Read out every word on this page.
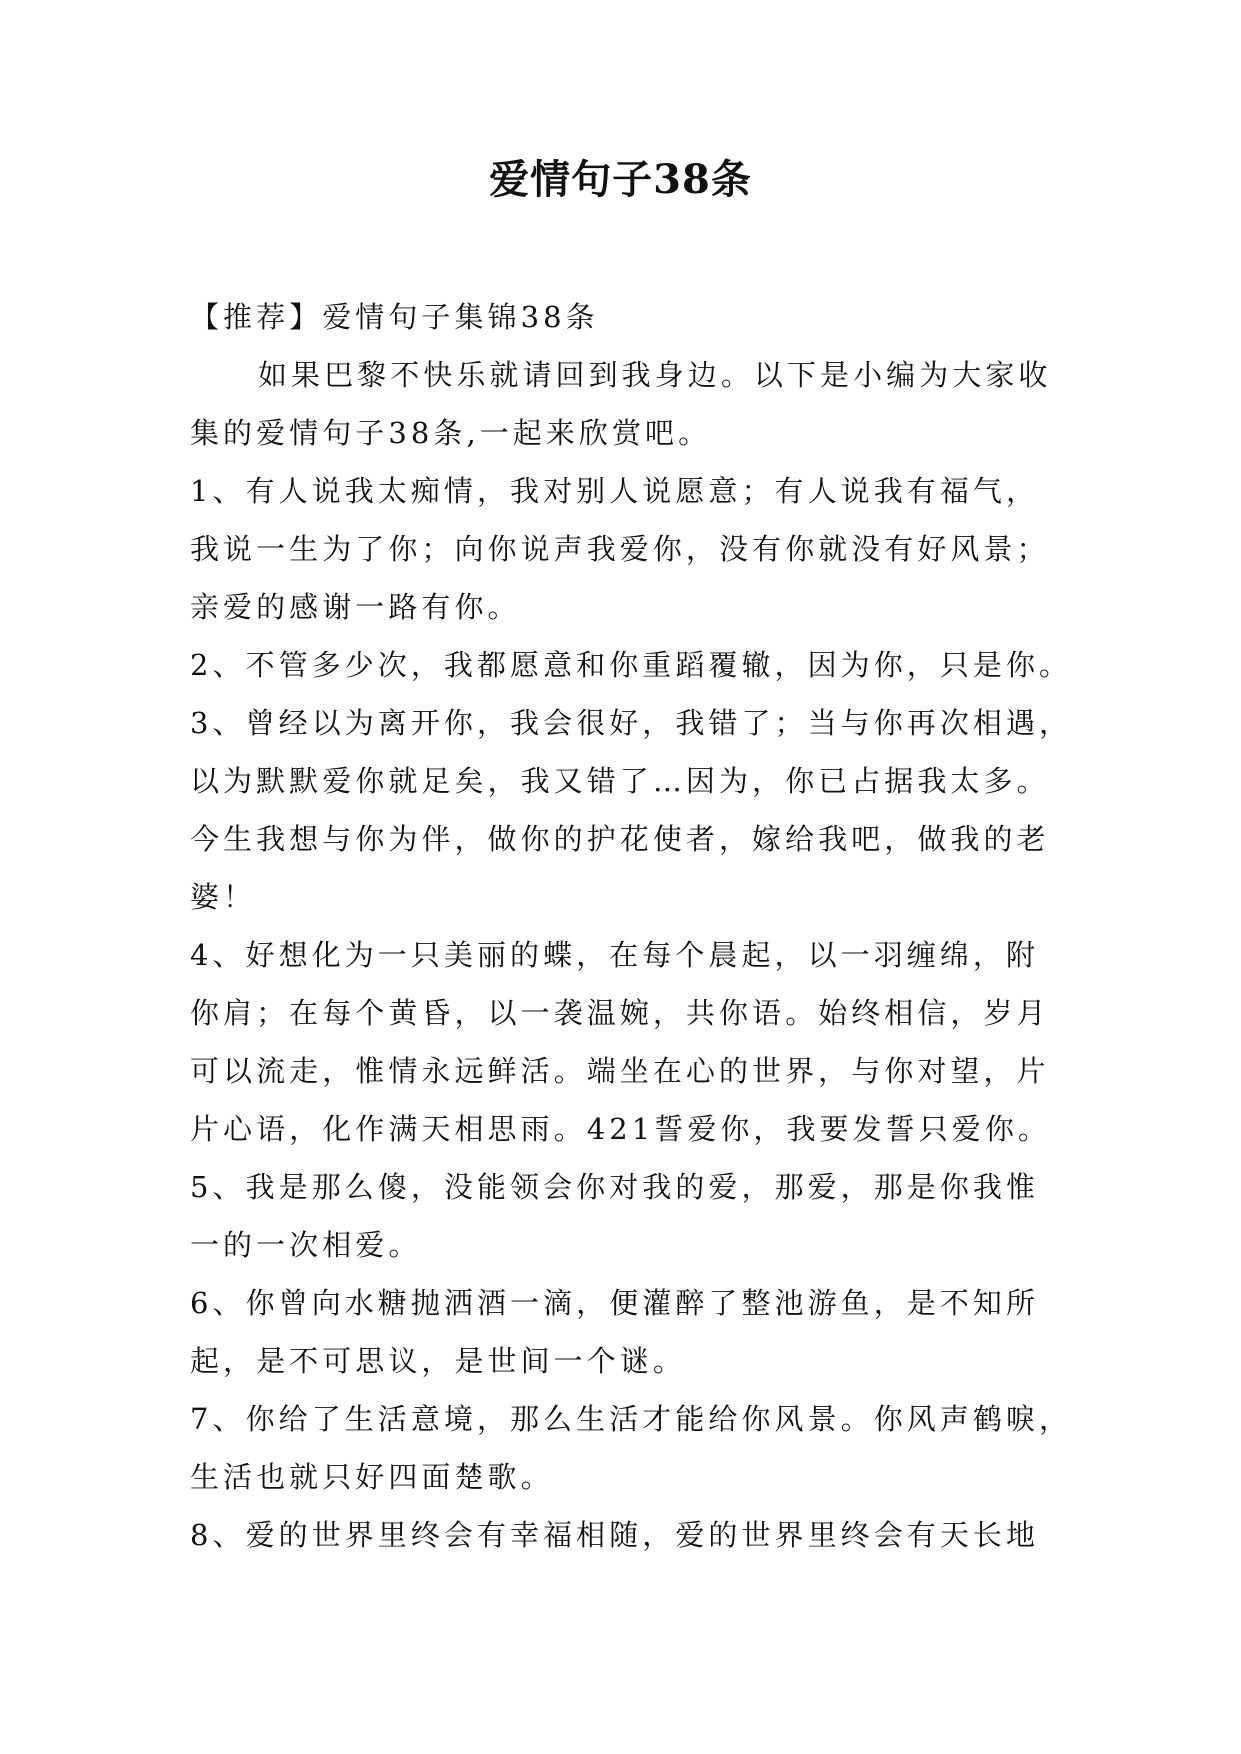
爱情句子38条
【推荐】爱情句子集锦38条
如果巴黎不快乐就请回到我身边。以下是小编为大家收
集的爱情句子38条,一起来欣赏吧。
1、有人说我太痴情，我对别人说愿意；有人说我有福气，
我说一生为了你；向你说声我爱你，没有你就没有好风景；
亲爱的感谢一路有你。
2、不管多少次，我都愿意和你重蹈覆辙，因为你，只是你。
3、曾经以为离开你，我会很好，我错了；当与你再次相遇，
以为默默爱你就足矣，我又错了…因为，你已占据我太多。
今生我想与你为伴，做你的护花使者，嫁给我吧，做我的老
婆！
4、好想化为一只美丽的蝶，在每个晨起，以一羽缠绵，附
你肩；在每个黄昏，以一袭温婉，共你语。始终相信，岁月
可以流走，惟情永远鲜活。端坐在心的世界，与你对望，片
片心语，化作满天相思雨。421誓爱你，我要发誓只爱你。
5、我是那么傻，没能领会你对我的爱，那爱，那是你我惟
一的一次相爱。
6、你曾向水糖抛洒酒一滴，便灌醉了整池游鱼，是不知所
起，是不可思议，是世间一个谜。
7、你给了生活意境，那么生活才能给你风景。你风声鹤唳，
生活也就只好四面楚歌。
8、爱的世界里终会有幸福相随，爱的世界里终会有天长地
